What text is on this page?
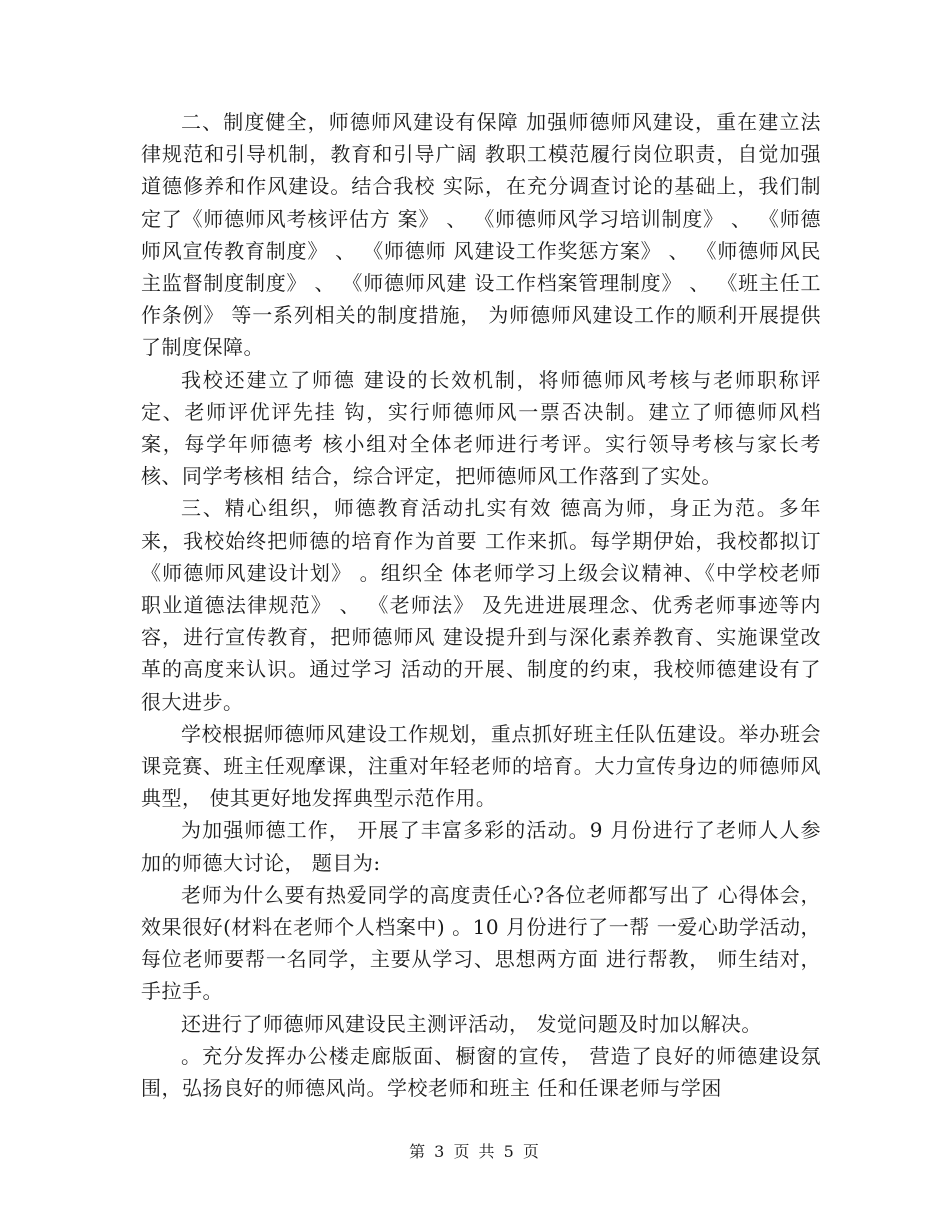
二、制度健全，师德师风建设有保障 加强师德师风建设，重在建立法律规范和引导机制，教育和引导广阔 教职工模范履行岗位职责，自觉加强道德修养和作风建设。结合我校 实际，在充分调查讨论的基础上，我们制定了《师德师风考核评估方 案》 、 《师德师风学习培训制度》 、 《师德师风宣传教育制度》 、 《师德师 风建设工作奖惩方案》 、 《师德师风民主监督制度制度》 、 《师德师风建 设工作档案管理制度》 、 《班主任工作条例》 等一系列相关的制度措施， 为师德师风建设工作的顺利开展提供了制度保障。

我校还建立了师德 建设的长效机制，将师德师风考核与老师职称评定、老师评优评先挂 钩，实行师德师风一票否决制。建立了师德师风档案，每学年师德考 核小组对全体老师进行考评。实行领导考核与家长考核、同学考核相 结合，综合评定，把师德师风工作落到了实处。

三、精心组织，师德教育活动扎实有效 德高为师，身正为范。多年来，我校始终把师德的培育作为首要 工作来抓。每学期伊始，我校都拟订《师德师风建设计划》 。组织全 体老师学习上级会议精神、《中学校老师职业道德法律规范》 、 《老师法》 及先进进展理念、优秀老师事迹等内容，进行宣传教育，把师德师风 建设提升到与深化素养教育、实施课堂改革的高度来认识。通过学习 活动的开展、制度的约束，我校师德建设有了很大进步。

学校根据师德师风建设工作规划，重点抓好班主任队伍建设。举办班会课竞赛、班主任观摩课，注重对年轻老师的培育。大力宣传身边的师德师风典型， 使其更好地发挥典型示范作用。

为加强师德工作， 开展了丰富多彩的活动。9 月份进行了老师人人参加的师德大讨论， 题目为:

老师为什么要有热爱同学的高度责任心?各位老师都写出了 心得体会，效果很好(材料在老师个人档案中) 。10 月份进行了一帮 一爱心助学活动，每位老师要帮一名同学，主要从学习、思想两方面 进行帮教， 师生结对， 手拉手。

还进行了师德师风建设民主测评活动， 发觉问题及时加以解决。

。充分发挥办公楼走廊版面、橱窗的宣传， 营造了良好的师德建设氛围，弘扬良好的师德风尚。学校老师和班主 任和任课老师与学困

第 3 页 共 5 页
